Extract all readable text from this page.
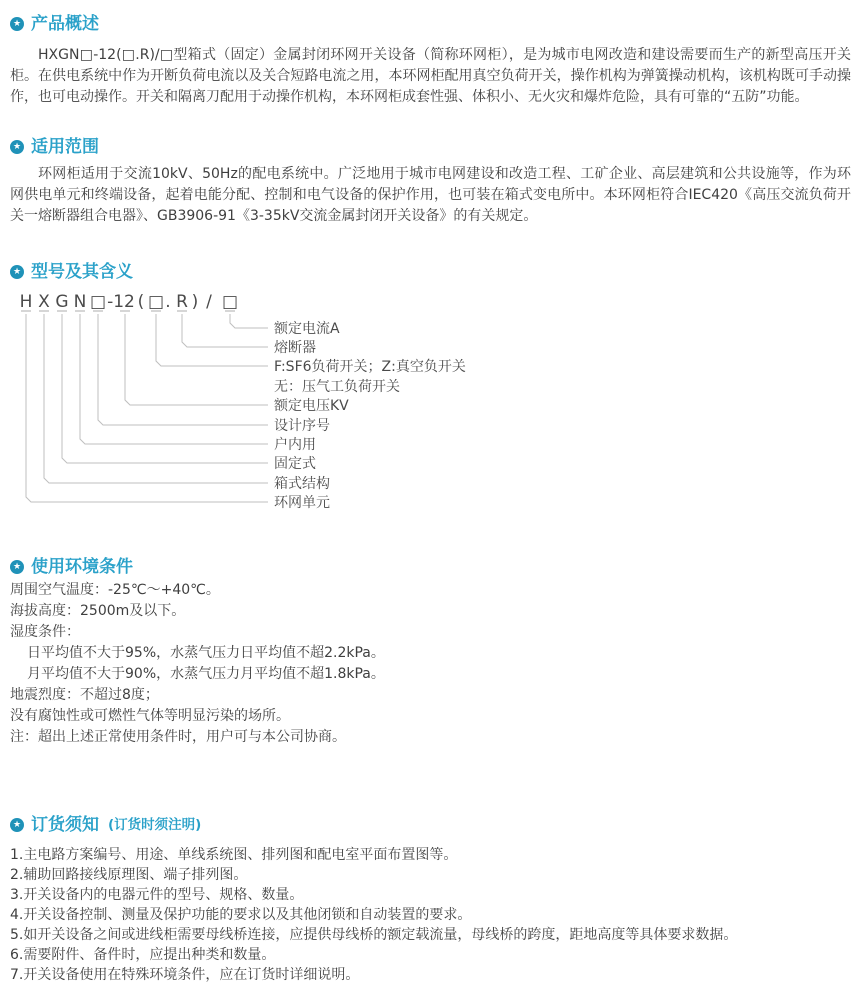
★ 产品概述

HXGN□-12(□.R)/□型箱式（固定）金属封闭环网开关设备（简称环网柜），是为城市电网改造和建设需要而生产的新型高压开关柜。在供电系统中作为开断负荷电流以及关合短路电流之用，本环网柜配用真空负荷开关，操作机构为弹簧操动机构，该机构既可手动操作，也可电动操作。开关和隔离刀配用于动操作机构，本环网柜成套性强、体积小、无火灾和爆炸危险，具有可靠的“五防”功能。

★ 适用范围

环网柜适用于交流10kV、50Hz的配电系统中。广泛地用于城市电网建设和改造工程、工矿企业、高层建筑和公共设施等，作为环网供电单元和终端设备，起着电能分配、控制和电气设备的保护作用，也可装在箱式变电所中。本环网柜符合IEC420《高压交流负荷开关一熔断器组合电器》、GB3906-91《3-35kV交流金属封闭开关设备》的有关规定。

★ 型号及其含义
H X G N □ -12 ( □ . R ) / □
额定电流A
熔断器
F:SF6负荷开关；Z:真空负开关
无：压气工负荷开关
额定电压KV
设计序号
户内用
固定式
箱式结构
环网单元
★ 使用环境条件
周围空气温度：-25℃～+40℃。
海拔高度：2500m及以下。
湿度条件：
日平均值不大于95%，水蒸气压力日平均值不超2.2kPa。
月平均值不大于90%，水蒸气压力月平均值不超1.8kPa。
地震烈度：不超过8度；
没有腐蚀性或可燃性气体等明显污染的场所。
注：超出上述正常使用条件时，用户可与本公司协商。
★ 订货须知 (订货时须注明)
1.主电路方案编号、用途、单线系统图、排列图和配电室平面布置图等。
2.辅助回路接线原理图、端子排列图。
3.开关设备内的电器元件的型号、规格、数量。
4.开关设备控制、测量及保护功能的要求以及其他闭锁和自动装置的要求。
5.如开关设备之间或进线柜需要母线桥连接，应提供母线桥的额定载流量，母线桥的跨度，距地高度等具体要求数据。
6.需要附件、备件时，应提出种类和数量。
7.开关设备使用在特殊环境条件，应在订货时详细说明。
